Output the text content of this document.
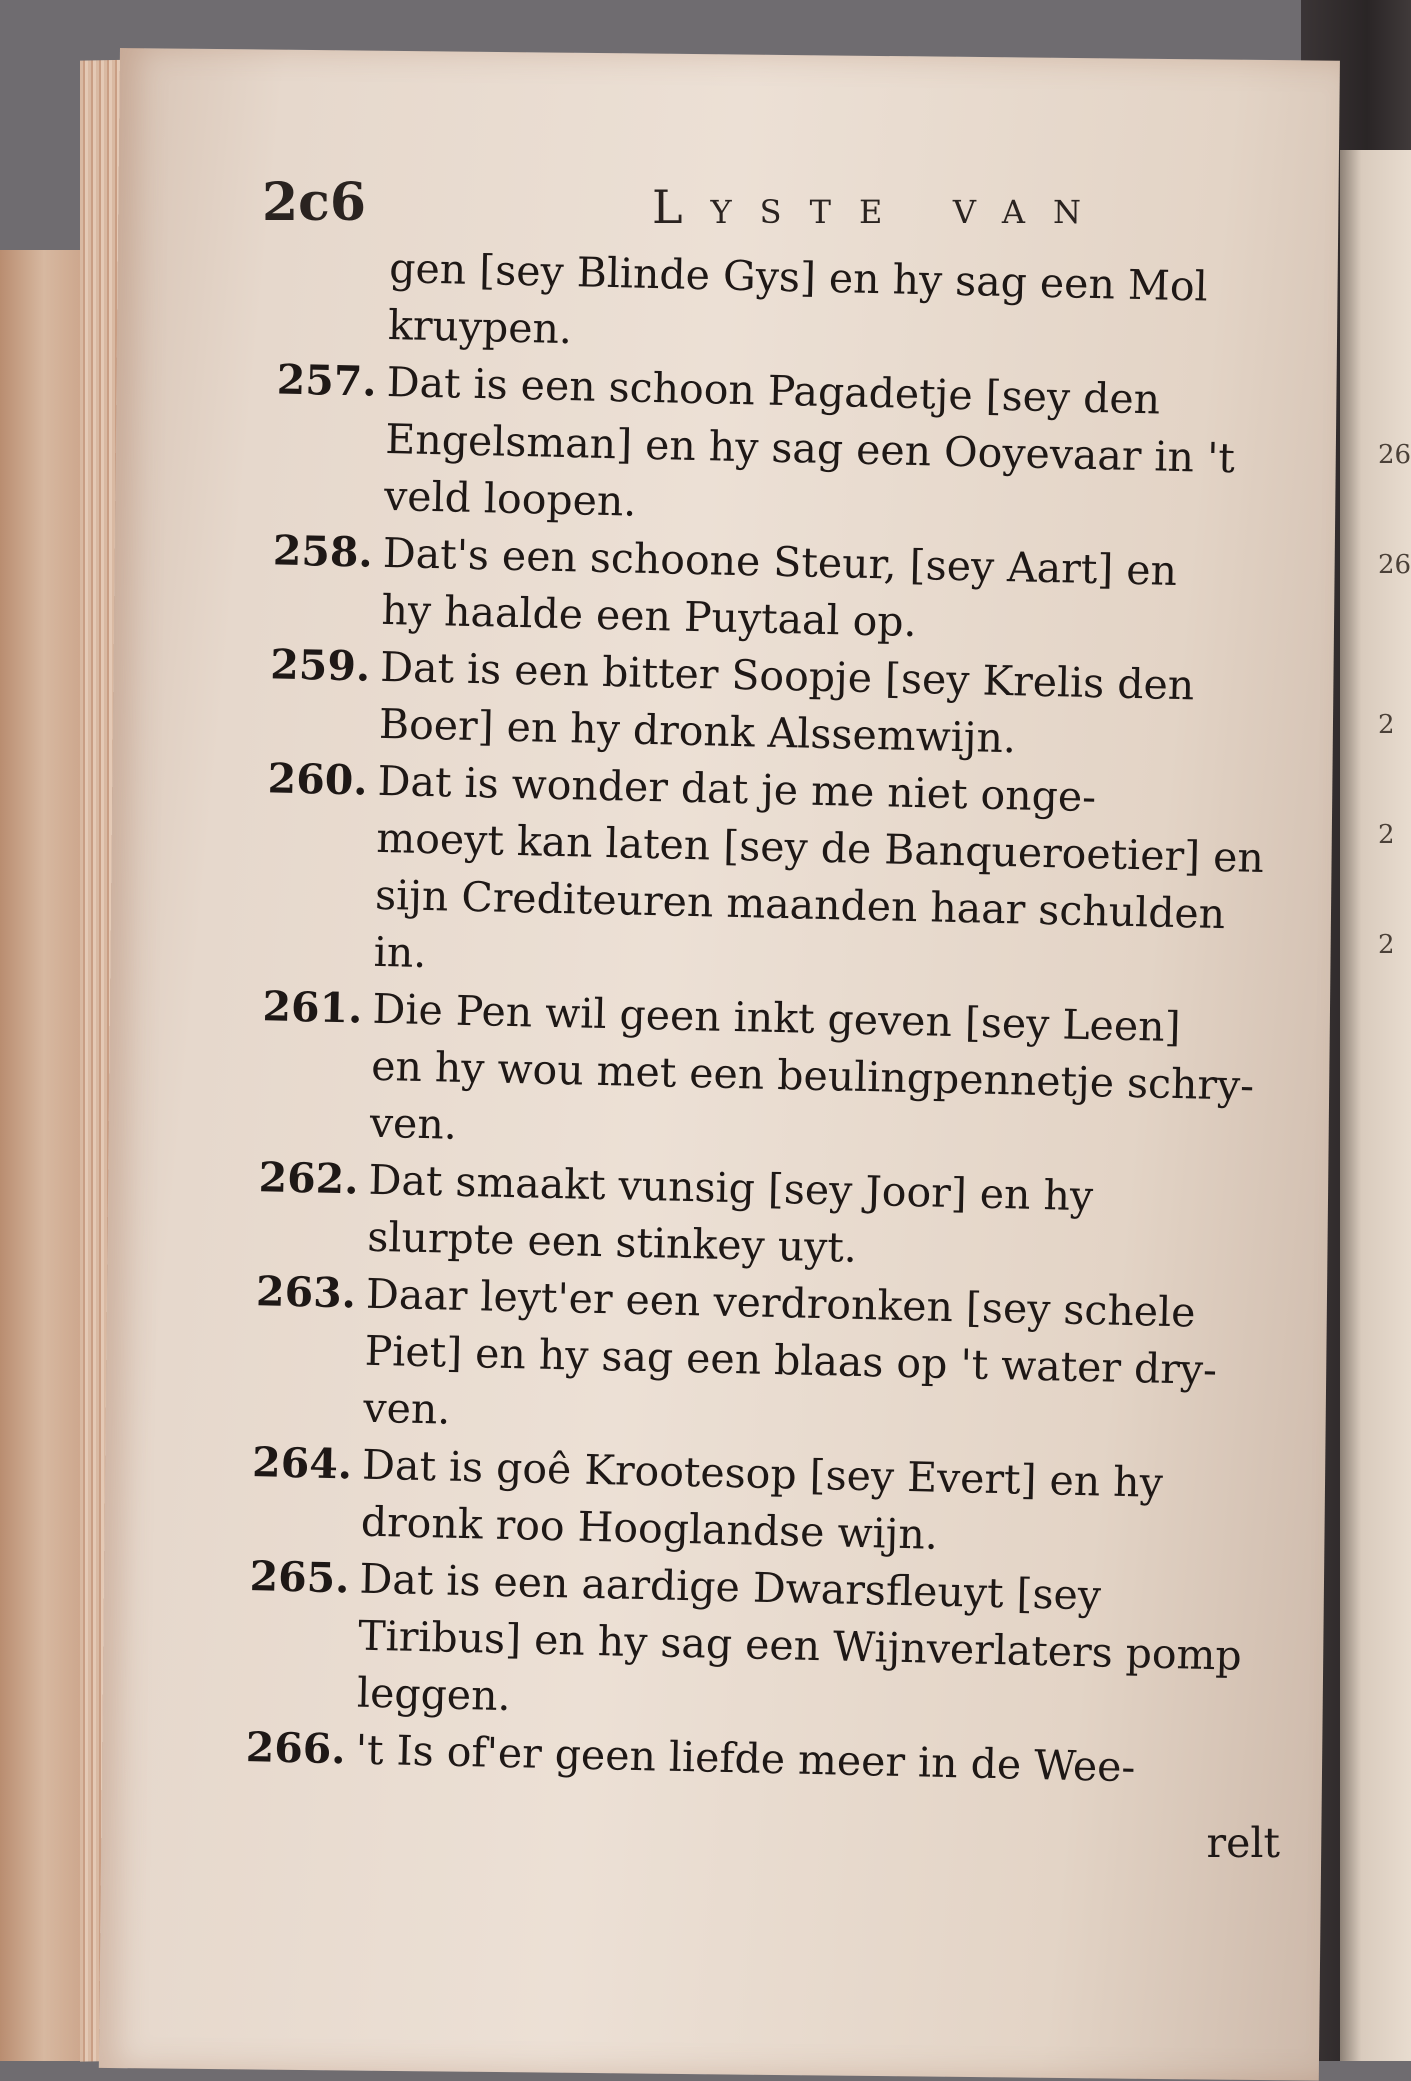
26
26
2
2
2
2c6	Lyste van
gen [sey Blinde Gys] en hy sag een Mol
kruypen.
257. Dat is een schoon Pagadetje [sey den
Engelsman] en hy sag een Ooyevaar in 't
veld loopen.
258. Dat's een schoone Steur, [sey Aart] en
hy haalde een Puytaal op.
259. Dat is een bitter Soopje [sey Krelis den
Boer] en hy dronk Alssemwijn.
260. Dat is wonder dat je me niet onge-
moeyt kan laten [sey de Banqueroetier] en
sijn Crediteuren maanden haar schulden
in.
261. Die Pen wil geen inkt geven [sey Leen]
en hy wou met een beulingpennetje schry-
ven.
262. Dat smaakt vunsig [sey Joor] en hy
slurpte een stinkey uyt.
263. Daar leyt'er een verdronken [sey schele
Piet] en hy sag een blaas op 't water dry-
ven.
264. Dat is goê Krootesop [sey Evert] en hy
dronk roo Hooglandse wijn.
265. Dat is een aardige Dwarsfleuyt [sey
Tiribus] en hy sag een Wijnverlaters pomp
leggen.
266. 't Is of'er geen liefde meer in de Wee-
relt
